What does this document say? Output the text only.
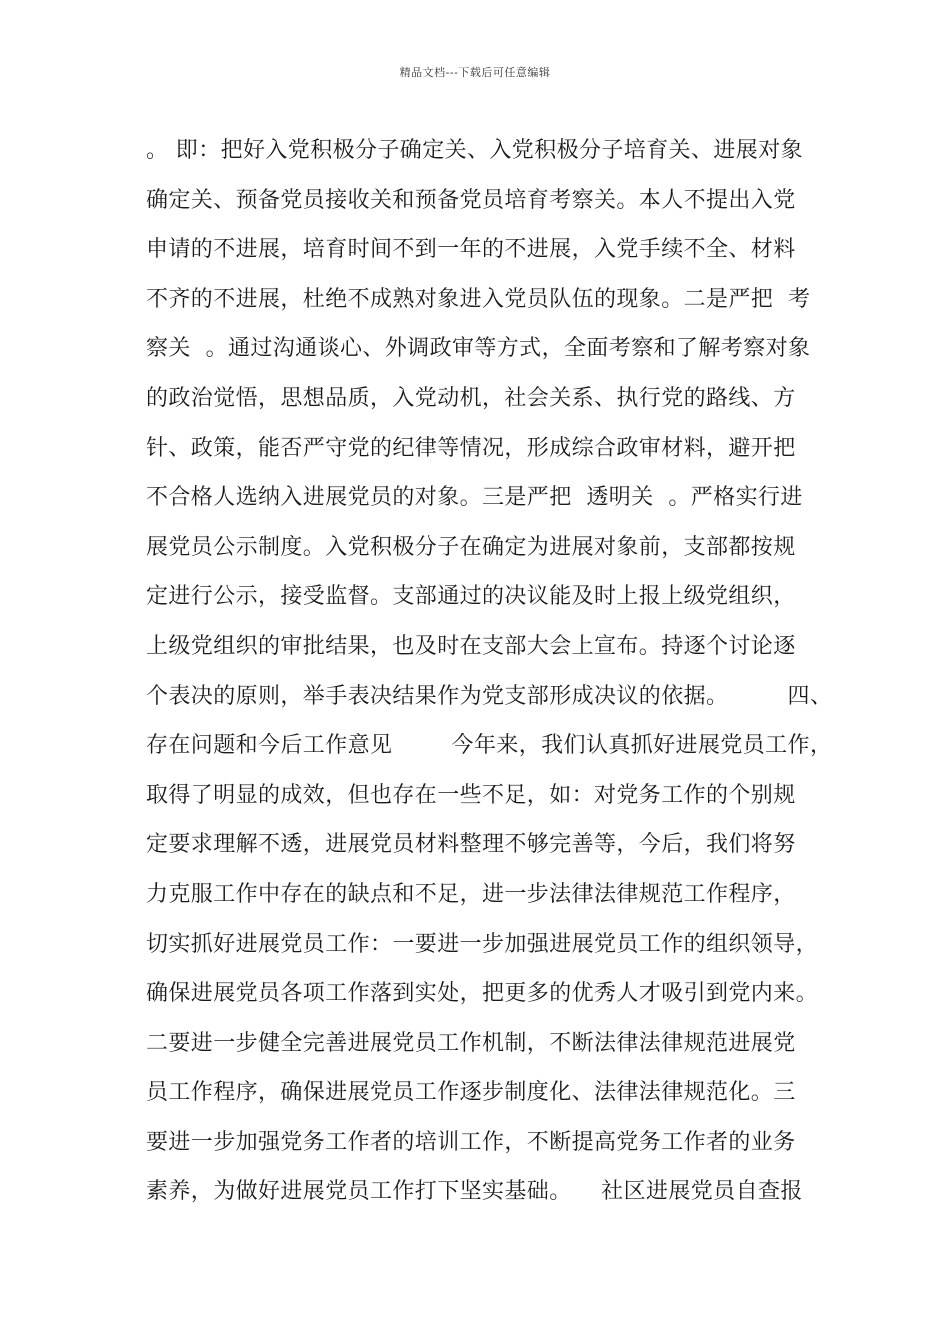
精品文档---下载后可任意编辑
。 即：把好入党积极分子确定关、入党积极分子培育关、进展对象
确定关、预备党员接收关和预备党员培育考察关。本人不提出入党
申请的不进展，培育时间不到一年的不进展，入党手续不全、材料
不齐的不进展，杜绝不成熟对象进入党员队伍的现象。二是严把  考
察关  。通过沟通谈心、外调政审等方式，全面考察和了解考察对象
的政治觉悟，思想品质，入党动机，社会关系、执行党的路线、方
针、政策，能否严守党的纪律等情况，形成综合政审材料，避开把
不合格人选纳入进展党员的对象。三是严把  透明关  。严格实行进
展党员公示制度。入党积极分子在确定为进展对象前，支部都按规
定进行公示，接受监督。支部通过的决议能及时上报上级党组织，
上级党组织的审批结果，也及时在支部大会上宣布。持逐个讨论逐
个表决的原则，举手表决结果作为党支部形成决议的依据。        四、
存在问题和今后工作意见        今年来，我们认真抓好进展党员工作，
取得了明显的成效，但也存在一些不足，如：对党务工作的个别规
定要求理解不透，进展党员材料整理不够完善等，今后，我们将努
力克服工作中存在的缺点和不足，进一步法律法律规范工作程序，
切实抓好进展党员工作：一要进一步加强进展党员工作的组织领导，
确保进展党员各项工作落到实处，把更多的优秀人才吸引到党内来。
二要进一步健全完善进展党员工作机制，不断法律法律规范进展党
员工作程序，确保进展党员工作逐步制度化、法律法律规范化。三
要进一步加强党务工作者的培训工作，不断提高党务工作者的业务
素养，为做好进展党员工作打下坚实基础。    社区进展党员自查报
